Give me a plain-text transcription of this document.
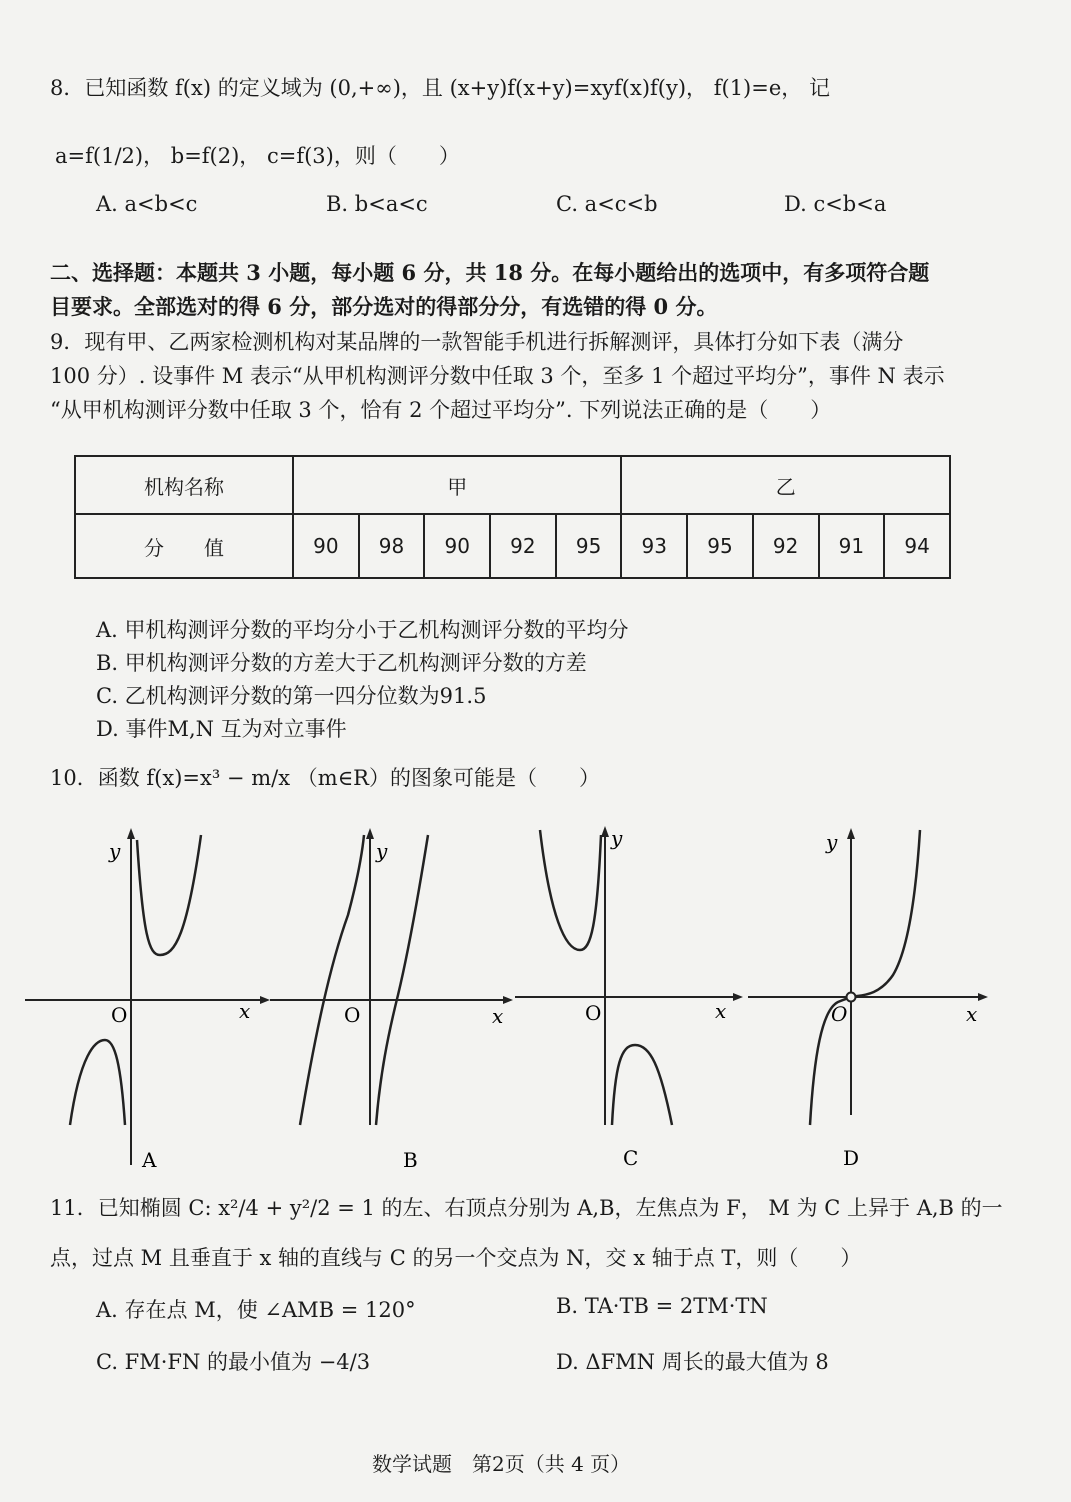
8．已知函数 f(x) 的定义域为 (0,+∞)，且 (x+y)f(x+y)=xyf(x)f(y)， f(1)=e， 记
a=f(1/2)， b=f(2)， c=f(3)，则（　　）
A. a<b<c	B. b<a<c	C. a<c<b	D. c<b<a
二、选择题：本题共 3 小题，每小题 6 分，共 18 分。在每小题给出的选项中，有多项符合题
目要求。全部选对的得 6 分，部分选对的得部分分，有选错的得 0 分。
9．现有甲、乙两家检测机构对某品牌的一款智能手机进行拆解测评，具体打分如下表（满分
100 分）. 设事件 M 表示“从甲机构测评分数中任取 3 个，至多 1 个超过平均分”，事件 N 表示
“从甲机构测评分数中任取 3 个，恰有 2 个超过平均分”. 下列说法正确的是（　　）
机构名称	甲					乙				
分　　值	90	98	90	92	95	93	95	92	91	94
A. 甲机构测评分数的平均分小于乙机构测评分数的平均分
B. 甲机构测评分数的方差大于乙机构测评分数的方差
C. 乙机构测评分数的第一四分位数为91.5
D. 事件M,N 互为对立事件
10．函数 f(x)=x³ − m/x （m∈R）的图象可能是（　　）
y
x
O
A
y
x
O
B
y
x
O
C
y
x
O
D
11．已知椭圆 C: x²/4 + y²/2 = 1 的左、右顶点分别为 A,B，左焦点为 F， M 为 C 上异于 A,B 的一
点，过点 M 且垂直于 x 轴的直线与 C 的另一个交点为 N，交 x 轴于点 T，则（　　）
A. 存在点 M，使 ∠AMB = 120°	B. TA·TB = 2TM·TN
C. FM·FN 的最小值为 −4/3	D. ΔFMN 周长的最大值为 8
数学试题　第2页（共 4 页）
